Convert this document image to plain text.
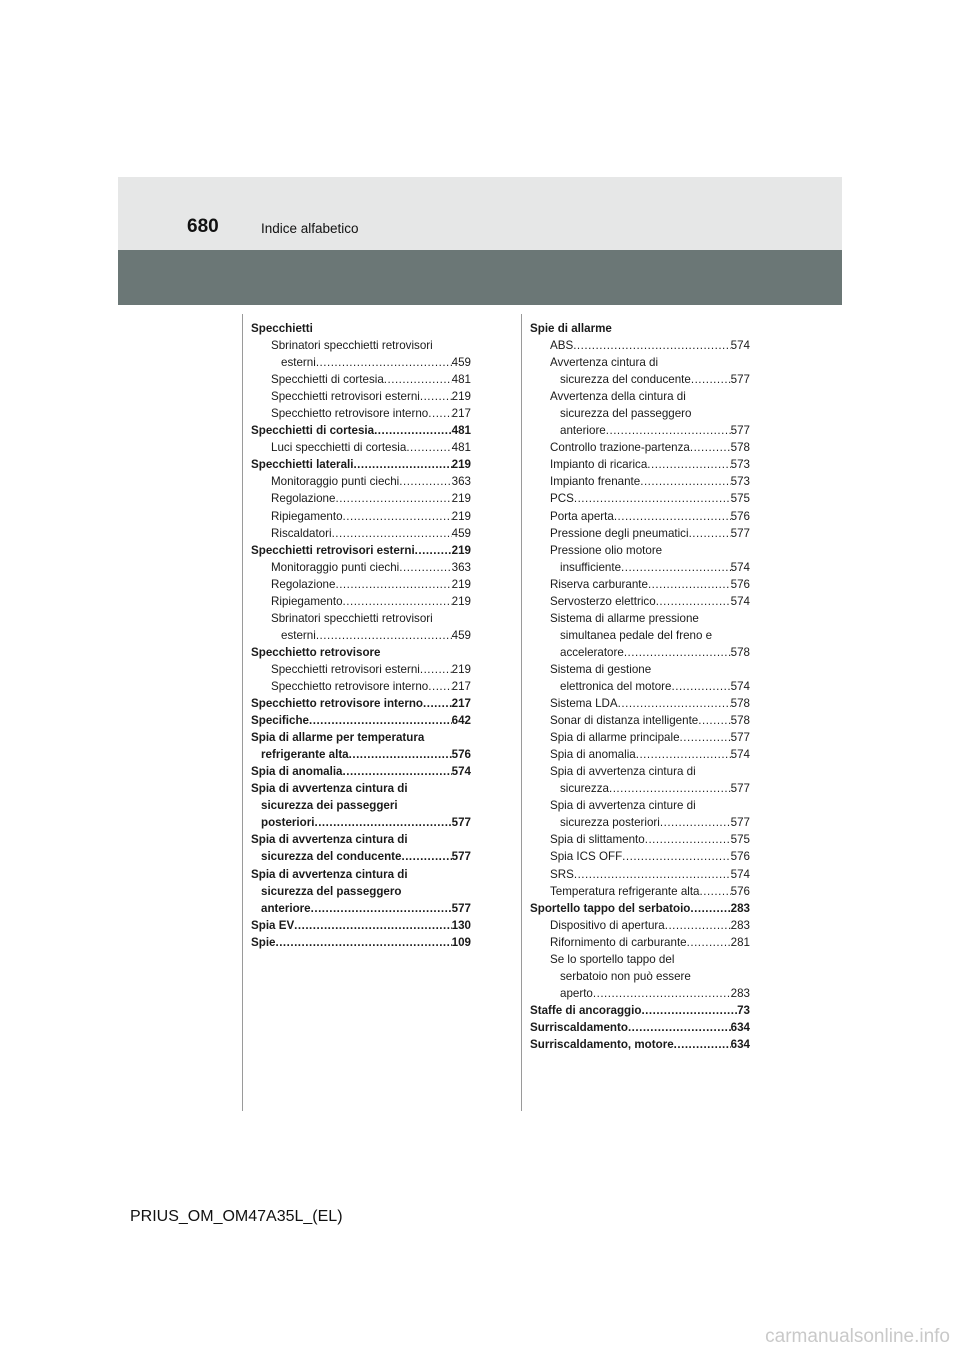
680	Indice alfabetico
Specchietti
Sbrinatori specchietti retrovisori
esterni .....	459
Specchietti di cortesia .....	481
Specchietti retrovisori esterni .....	219
Specchietto retrovisore interno ..... 217
Specchietti di cortesia .....	481
Luci specchietti di cortesia .....	481
Specchietti laterali .....	219
Monitoraggio punti ciechi .....	363
Regolazione .....	219
Ripiegamento .....	219
Riscaldatori .....	459
Specchietti retrovisori esterni .....	219
Monitoraggio punti ciechi .....	363
Regolazione .....	219
Ripiegamento .....	219
Sbrinatori specchietti retrovisori
esterni .....	459
Specchietto retrovisore
Specchietti retrovisori esterni .....	219
Specchietto retrovisore interno ..... 217
Specchietto retrovisore interno ..... 217
Specifiche .....	642
Spia di allarme per temperatura
refrigerante alta .....	576
Spia di anomalia .....	574
Spia di avvertenza cintura di
sicurezza dei passeggeri
posteriori .....	577
Spia di avvertenza cintura di
sicurezza del conducente .....	577
Spia di avvertenza cintura di
sicurezza del passeggero
anteriore .....	577
Spia EV .....	130
Spie .....	109
Spie di allarme
ABS .....	574
Avvertenza cintura di
sicurezza del conducente .....	577
Avvertenza della cintura di
sicurezza del passeggero
anteriore .....	577
Controllo trazione-partenza .....	578
Impianto di ricarica .....	573
Impianto frenante .....	573
PCS .....	575
Porta aperta .....	576
Pressione degli pneumatici .....	577
Pressione olio motore
insufficiente .....	574
Riserva carburante .....	576
Servosterzo elettrico .....	574
Sistema di allarme pressione
simultanea pedale del freno e
acceleratore .....	578
Sistema di gestione
elettronica del motore .....	574
Sistema LDA .....	578
Sonar di distanza intelligente .....	578
Spia di allarme principale .....	577
Spia di anomalia .....	574
Spia di avvertenza cintura di
sicurezza .....	577
Spia di avvertenza cinture di
sicurezza posteriori .....	577
Spia di slittamento .....	575
Spia ICS OFF .....	576
SRS .....	574
Temperatura refrigerante alta .....	576
Sportello tappo del serbatoio .....	283
Dispositivo di apertura .....	283
Rifornimento di carburante .....	281
Se lo sportello tappo del
serbatoio non può essere
aperto .....	283
Staffe di ancoraggio .....	73
Surriscaldamento .....	634
Surriscaldamento, motore .....	634
PRIUS_OM_OM47A35L_(EL)
carmanualsonline.info
